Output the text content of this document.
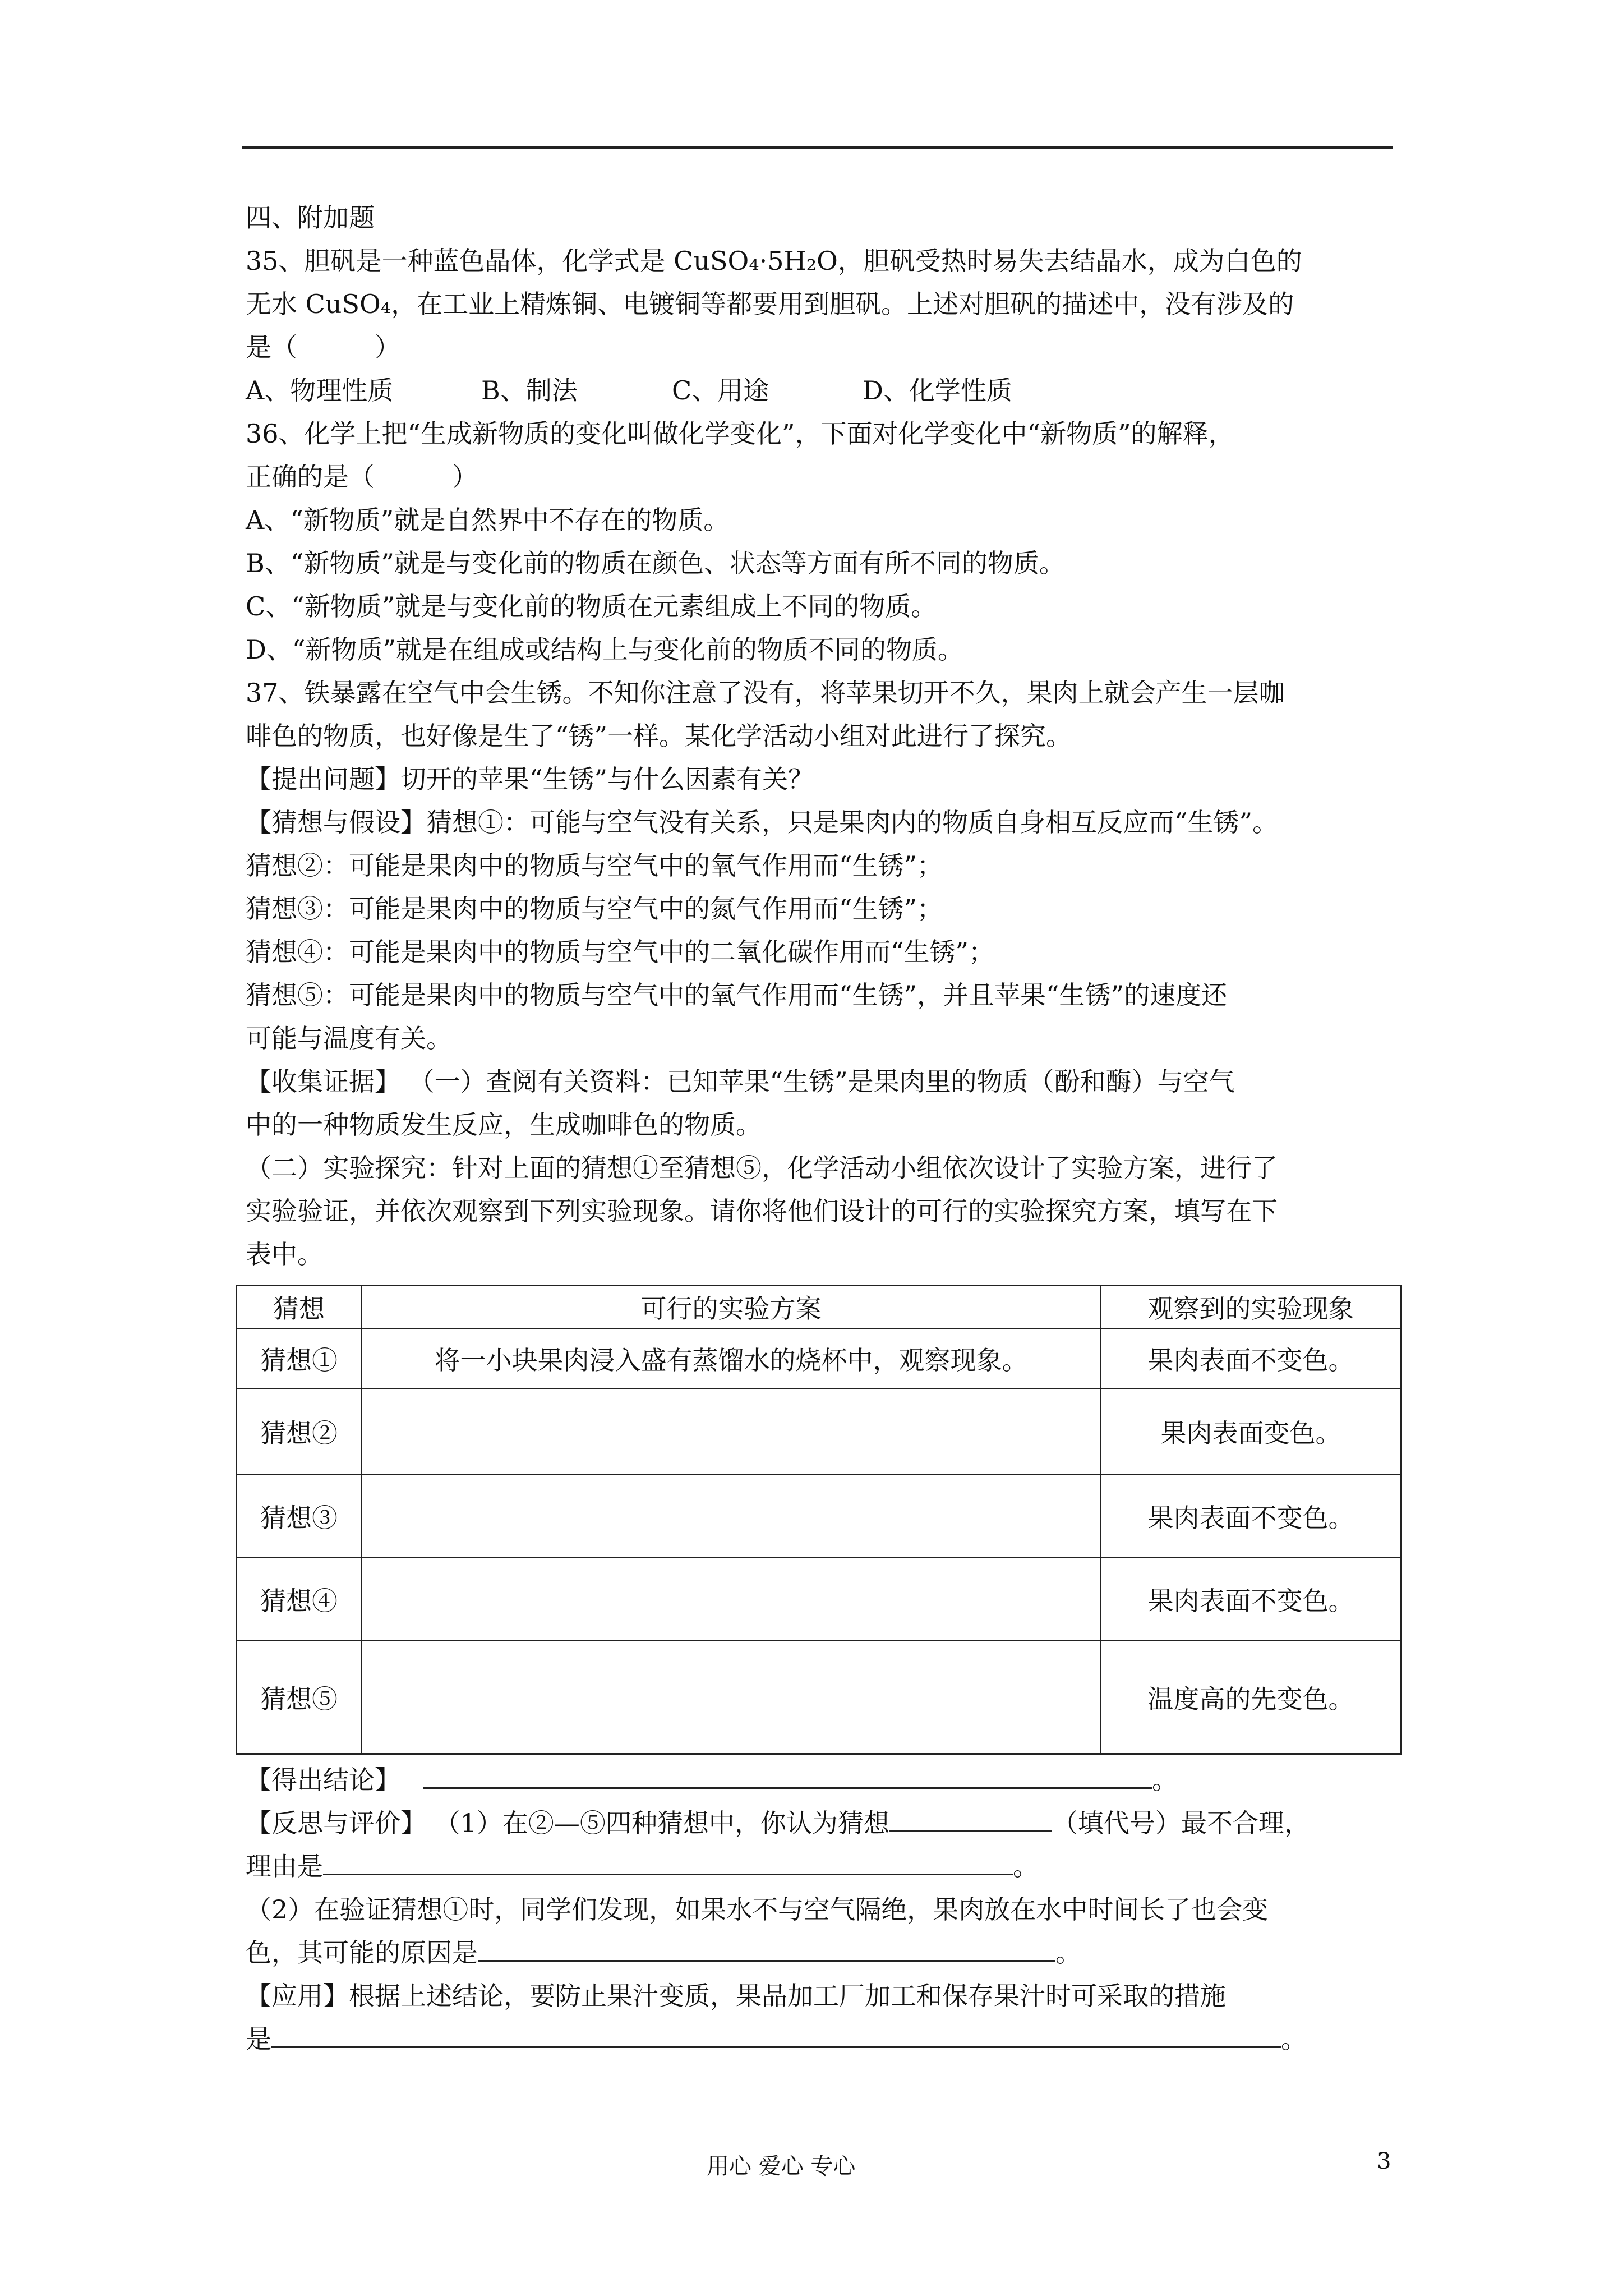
四、附加题
35、胆矾是一种蓝色晶体，化学式是 CuSO₄·5H₂O，胆矾受热时易失去结晶水，成为白色的
无水 CuSO₄，在工业上精炼铜、电镀铜等都要用到胆矾。上述对胆矾的描述中，没有涉及的
是（　　　）
A、物理性质	B、制法	C、用途	D、化学性质
36、化学上把“生成新物质的变化叫做化学变化”，下面对化学变化中“新物质”的解释，
正确的是（　　　）
A、“新物质”就是自然界中不存在的物质。
B、“新物质”就是与变化前的物质在颜色、状态等方面有所不同的物质。
C、“新物质”就是与变化前的物质在元素组成上不同的物质。
D、“新物质”就是在组成或结构上与变化前的物质不同的物质。
37、铁暴露在空气中会生锈。不知你注意了没有，将苹果切开不久，果肉上就会产生一层咖
啡色的物质，也好像是生了“锈”一样。某化学活动小组对此进行了探究。
【提出问题】切开的苹果“生锈”与什么因素有关？
【猜想与假设】猜想①：可能与空气没有关系，只是果肉内的物质自身相互反应而“生锈”。
猜想②：可能是果肉中的物质与空气中的氧气作用而“生锈”；
猜想③：可能是果肉中的物质与空气中的氮气作用而“生锈”；
猜想④：可能是果肉中的物质与空气中的二氧化碳作用而“生锈”；
猜想⑤：可能是果肉中的物质与空气中的氧气作用而“生锈”，并且苹果“生锈”的速度还
可能与温度有关。
【收集证据】 （一）查阅有关资料：已知苹果“生锈”是果肉里的物质（酚和酶）与空气
中的一种物质发生反应，生成咖啡色的物质。
（二）实验探究：针对上面的猜想①至猜想⑤，化学活动小组依次设计了实验方案，进行了
实验验证，并依次观察到下列实验现象。请你将他们设计的可行的实验探究方案，填写在下
表中。
猜想	可行的实验方案	观察到的实验现象
猜想①	将一小块果肉浸入盛有蒸馏水的烧杯中，观察现象。	果肉表面不变色。
猜想②		果肉表面变色。
猜想③		果肉表面不变色。
猜想④		果肉表面不变色。
猜想⑤		温度高的先变色。
【得出结论】	。
【反思与评价】 （1）在②—⑤四种猜想中，你认为猜想	（填代号）最不合理，
理由是	。
（2）在验证猜想①时，同学们发现，如果水不与空气隔绝，果肉放在水中时间长了也会变
色，其可能的原因是	。
【应用】根据上述结论，要防止果汁变质，果品加工厂加工和保存果汁时可采取的措施
是	。
用心 爱心 专心	3
